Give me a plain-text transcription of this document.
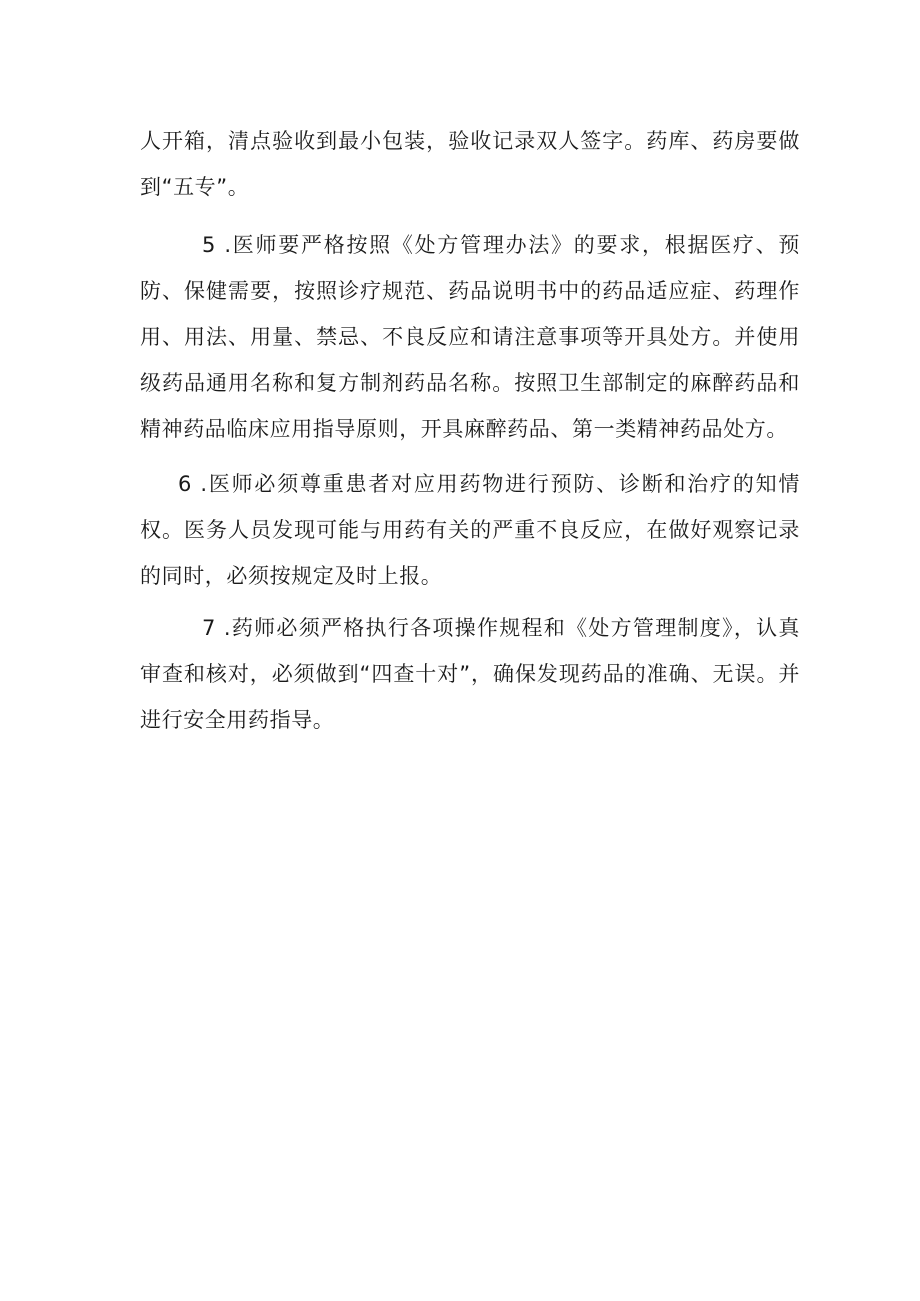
人开箱，清点验收到最小包装，验收记录双人签字。药库、药房要做到“五专”。

5 .医师要严格按照《处方管理办法》的要求，根据医疗、预防、保健需要，按照诊疗规范、药品说明书中的药品适应症、药理作用、用法、用量、禁忌、不良反应和请注意事项等开具处方。并使用级药品通用名称和复方制剂药品名称。按照卫生部制定的麻醉药品和精神药品临床应用指导原则，开具麻醉药品、第一类精神药品处方。

6 .医师必须尊重患者对应用药物进行预防、诊断和治疗的知情权。医务人员发现可能与用药有关的严重不良反应，在做好观察记录的同时，必须按规定及时上报。

7 .药师必须严格执行各项操作规程和《处方管理制度》，认真审查和核对，必须做到“四查十对”，确保发现药品的准确、无误。并进行安全用药指导。
